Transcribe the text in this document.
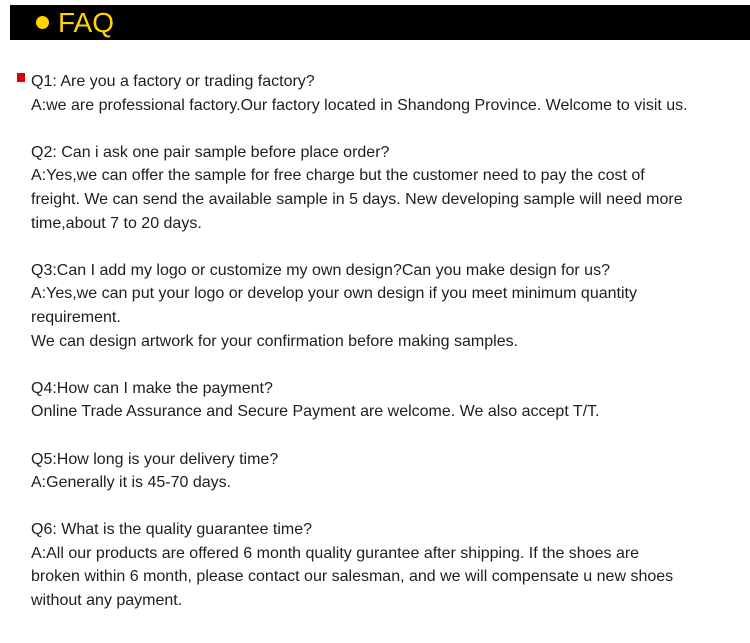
FAQ

Q1: Are you a factory or trading factory?

A:we are professional factory.Our factory located in Shandong Province. Welcome to visit us.

Q2: Can i ask one pair sample before place order?

A:Yes,we can offer the sample for free charge but the customer need to pay the cost of

freight. We can send the available sample in 5 days. New developing sample will need more

time,about 7 to 20 days.

Q3:Can I add my logo or customize my own design?Can you make design for us?

A:Yes,we can put your logo or develop your own design if you meet minimum quantity

requirement.

We can design artwork for your confirmation before making samples.

Q4:How can I make the payment?

Online Trade Assurance and Secure Payment are welcome. We also accept T/T.

Q5:How long is your delivery time?

A:Generally it is 45-70 days.

Q6: What is the quality guarantee time?

A:All our products are offered 6 month quality gurantee after shipping. If the shoes are

broken within 6 month, please contact our salesman, and we will compensate u new shoes

without any payment.
